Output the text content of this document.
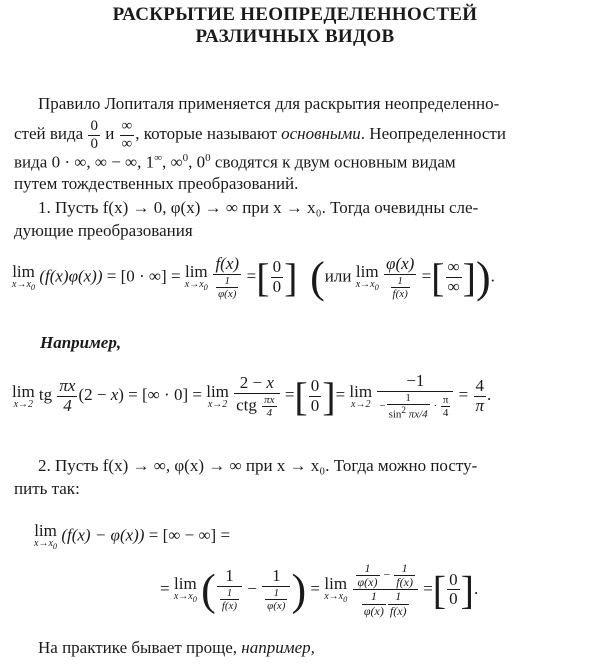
РАСКРЫТИЕ НЕОПРЕДЕЛЕННОСТЕЙ
РАЗЛИЧНЫХ ВИДОВ
Правило Лопиталя применяется для раскрытия неопределенно-
стей вида $\frac{0}{0}$ и $\frac{\infty}{\infty}$ , которые называют основными. Неопределенности
вида 0 · ∞, ∞ − ∞, 1∞, ∞$^0$, $0^0$ сводятся к двум основным видам
путем тождественных преобразований.
1. Пусть f(x) → 0, φ(x) → ∞ при x → x₀. Тогда очевидны сле-
дующие преобразования
lim
$x\to x_0$
(f(x)φ(x)) = [0 · ∞] = lim
$x\to x_0$
$\frac{f(x)}{\frac{1}{\varphi(x)}}$ =[ $\frac{0}{0}$ ] (или lim
$x\to x_0$
$\frac{\varphi(x)}{\frac{1}{f(x)}}$ =[ $\frac{\infty}{\infty}$ ]).
Например,
lim
x→2
tg $\frac{\pi x}{4} (2 - x)$ = [∞ · 0] = lim
x→2
$\frac{2 - x}{ctg \frac{\pi x}{4}}$ =[ $\frac{0}{0}$ ]= lim
x→2
$\frac{-1}{- \frac{1}{\sin^2 \pi x/4} \cdot \frac{\pi}{4}} = \frac{4}{\pi}$ .
2. Пусть f(x) → ∞, φ(x) → ∞ при x → x₀. Тогда можно посту-
пить так:
lim
$x\to x_0$
(f(x) − φ(x)) = [∞ − ∞] =
= lim
$x\to x_0$ ( $\frac{1}{\frac{1}{f(x)}} - \frac{1}{\frac{1}{\varphi(x)}}$ ) = lim
$x\to x_0$
$\frac{\frac{1}{\varphi(x)} - \frac{1}{f(x)}}{\frac{1}{\varphi(x)} \frac{1}{f(x)}}$ =[ $\frac{0}{0}$ ].
На практике бывает проще, например,
